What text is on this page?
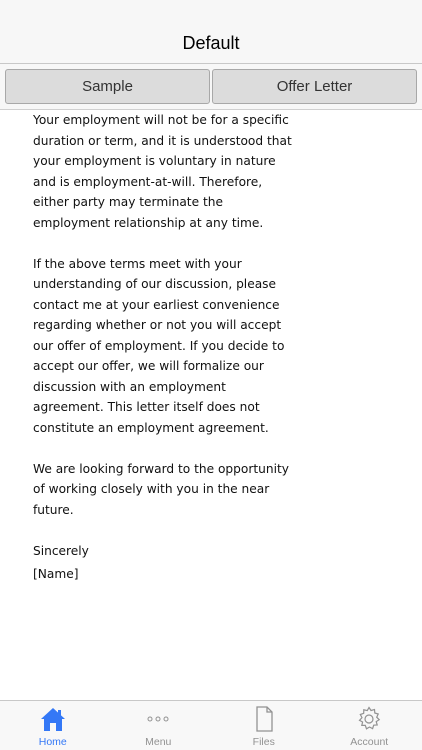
Default
Sample	Offer Letter

Your employment will not be for a specific duration or term, and it is understood that your employment is voluntary in nature and is employment-at-will. Therefore, either party may terminate the employment relationship at any time.

If the above terms meet with your understanding of our discussion, please contact me at your earliest convenience regarding whether or not you will accept our offer of employment. If you decide to accept our offer, we will formalize our discussion with an employment agreement. This letter itself does not constitute an employment agreement.

We are looking forward to the opportunity of working closely with you in the near future.

Sincerely

[Name]

Home	Menu	Files	Account
